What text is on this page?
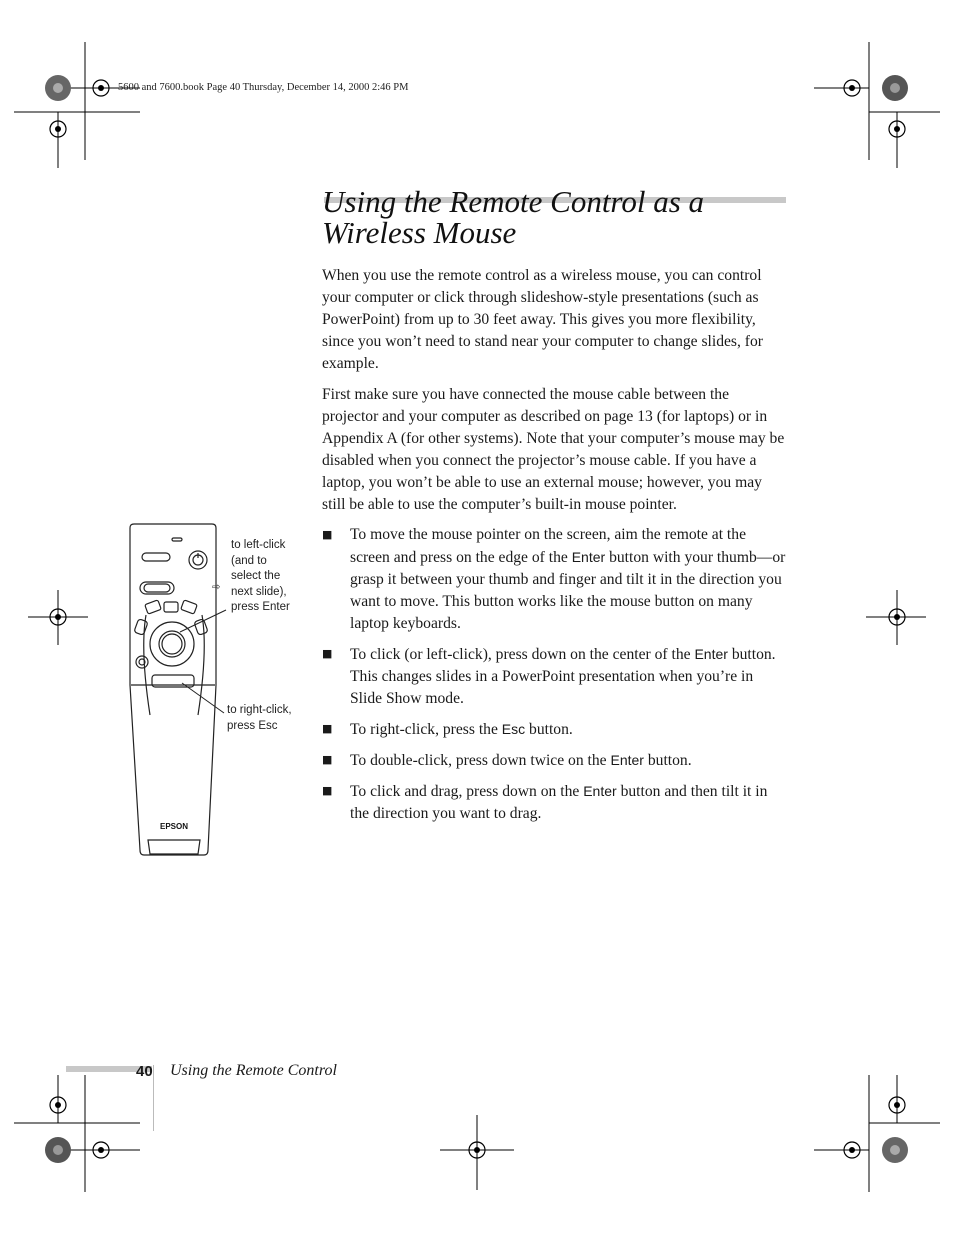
5600 and 7600.book Page 40 Thursday, December 14, 2000 2:46 PM
Using the Remote Control as a Wireless Mouse

When you use the remote control as a wireless mouse, you can control your computer or click through slideshow-style presentations (such as PowerPoint) from up to 30 feet away. This gives you more flexibility, since you won’t need to stand near your computer to change slides, for example.

First make sure you have connected the mouse cable between the projector and your computer as described on page 13 (for laptops) or in Appendix A (for other systems). Note that your computer’s mouse may be disabled when you connect the projector’s mouse cable. If you have a laptop, you won’t be able to use an external mouse; however, you may still be able to use the computer’s built-in mouse pointer.

■ To move the mouse pointer on the screen, aim the remote at the screen and press on the edge of the Enter button with your thumb—or grasp it between your thumb and finger and tilt it in the direction you want to move. This button works like the mouse button on many laptop keyboards.
■ To click (or left-click), press down on the center of the Enter button. This changes slides in a PowerPoint presentation when you’re in Slide Show mode.
■ To right-click, press the Esc button.
■ To double-click, press down twice on the Enter button.
■ To click and drag, press down on the Enter button and then tilt it in the direction you want to drag.
EPSON
⇨
to left-click
(and to
select the
next slide),
press Enter
to right-click,
press Esc
40 Using the Remote Control
